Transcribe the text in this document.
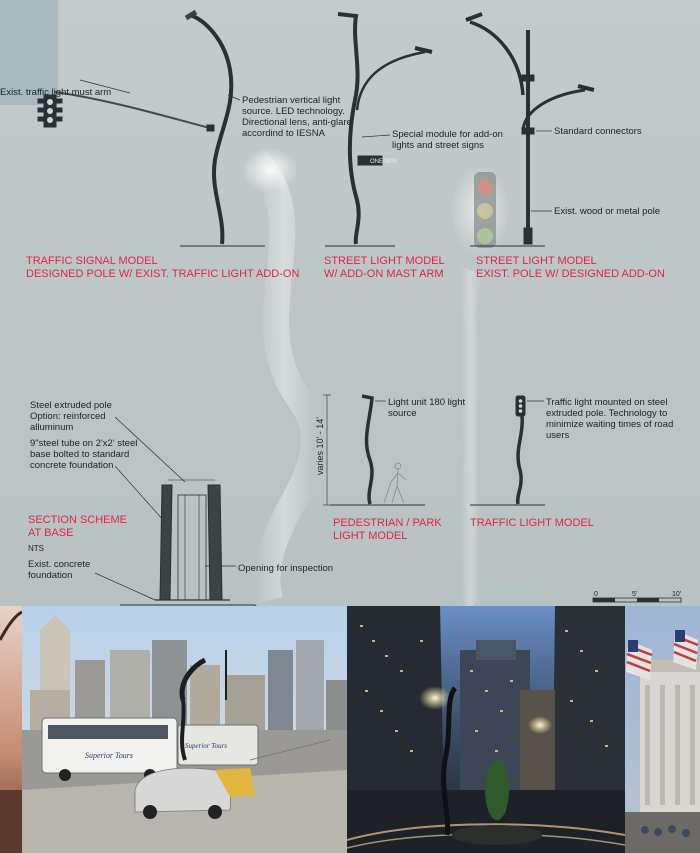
ONE WAY
0	5'	10'
Superior Tours
Superior Tours
varies 10' - 14'

Exist. traffic light must arm

Pedestrian vertical light source. LED technology. Directional lens, anti-glare accordind to IESNA	Special module for add-on lights and street signs

Standard connectors

Exist. wood or metal pole

TRAFFIC SIGNAL MODEL

DESIGNED POLE W/ EXIST. TRAFFIC LIGHT ADD-ON

STREET LIGHT MODEL

W/ ADD-ON MAST ARM

STREET LIGHT MODEL

EXIST. POLE W/ DESIGNED ADD-ON

Steel extruded pole Option: reinforced alluminum

9"steel tube on 2'x2' steel base bolted to standard concrete foundation

SECTION SCHEME

AT BASE

NTS

Exist. concrete foundation

Opening for inspection

Light unit 180 light source

Traffic light mounted on steel extruded pole. Technology to minimize waiting times of road users

PEDESTRIAN / PARK

LIGHT MODEL

TRAFFIC LIGHT MODEL
